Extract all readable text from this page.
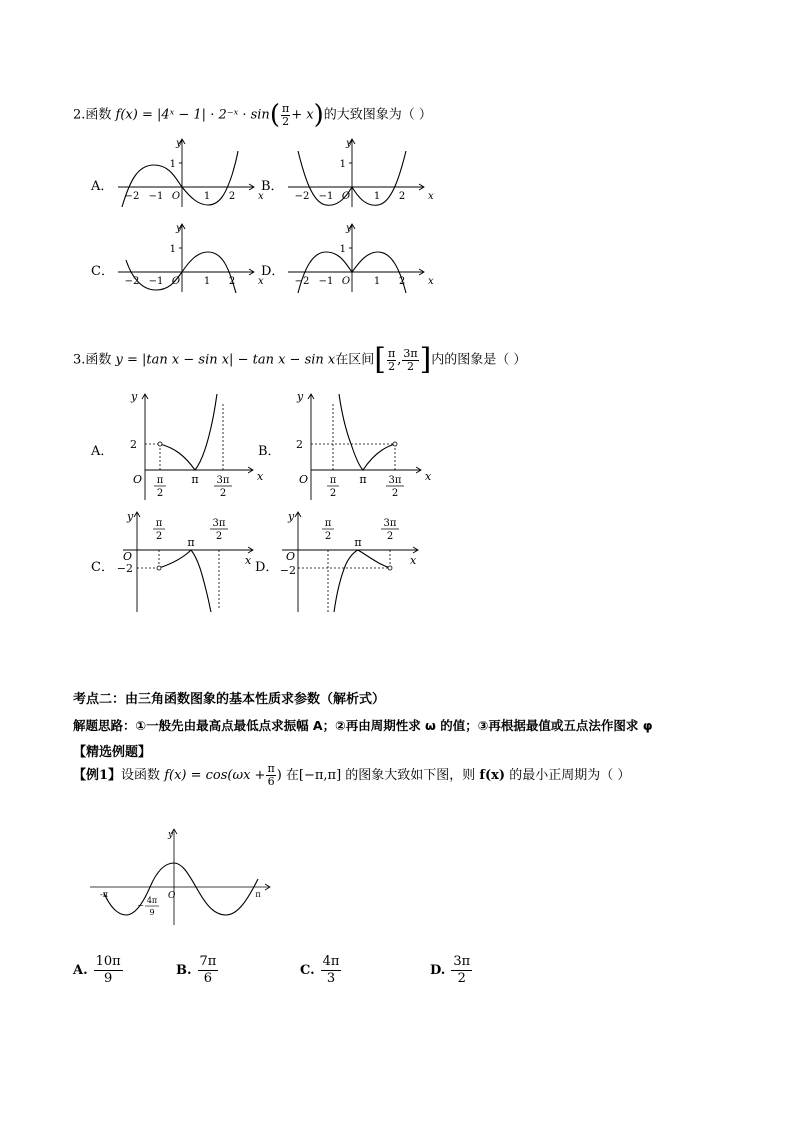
2.函数 f(x) = |4ˣ − 1| · 2⁻ˣ · $\sin( \frac{\pi}{2} + x)$的大致图象为（ ）
A．	B．
C．	D．
x
y
1
−2 −1 O 1 2	x
y
1
−2 −1 O 1 2
x
y
1
−2 −1 O 1 2	x
y
1
−2 −1 O 1 2
3.函数 y = |tan x − sin x| − tan x − sin x在区间[ $\frac{\pi}{2}$ , $\frac{3\pi}{2}$ ]内的图象是（ ）
A．	B．
C．	D．
y
x
2
O	π
π
2
3π
2
y
x
2
O	π
π
2
3π
2
y
x
O
−2
π
π
2
3π
2
y
x
O
−2
π
π
2
3π
2
考点二：由三角函数图象的基本性质求参数（解析式）
解题思路：①一般先由最高点最低点求振幅 A；②再由周期性求 ω 的值；③再根据最值或五点法作图求 φ
【精选例题】
【例1】设函数 $f(x) = \cos(\omega x + \frac{\pi}{6}$ ) 在[−π,π] 的图象大致如下图，则 f(x) 的最小正周期为（ ）
y
O
-π	π
−
4π
9
A. $\frac{10\pi}{9}$	B. $\frac{7\pi}{6}$	C. $\frac{4\pi}{3}$	D. $\frac{3\pi}{2}$
